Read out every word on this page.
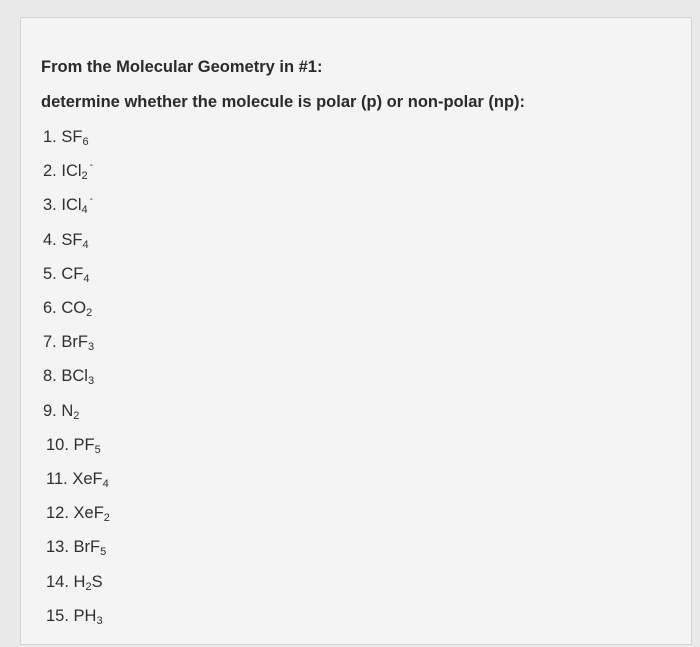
From the Molecular Geometry in #1:

determine whether the molecule is polar (p) or non-polar (np):

1. $SF_6$
2. ICl$_2$-
3. ICl$_4$-
4. $SF_4$
5. $CF_4$
6. $CO_2$
7. BrF$_3$
8. BCl$_3$
9. $N_2$
10. $PF_5$
11. XeF$_4$
12. XeF$_2$
13. BrF$_5$
14. $H_2S$
15. $PH_3$
